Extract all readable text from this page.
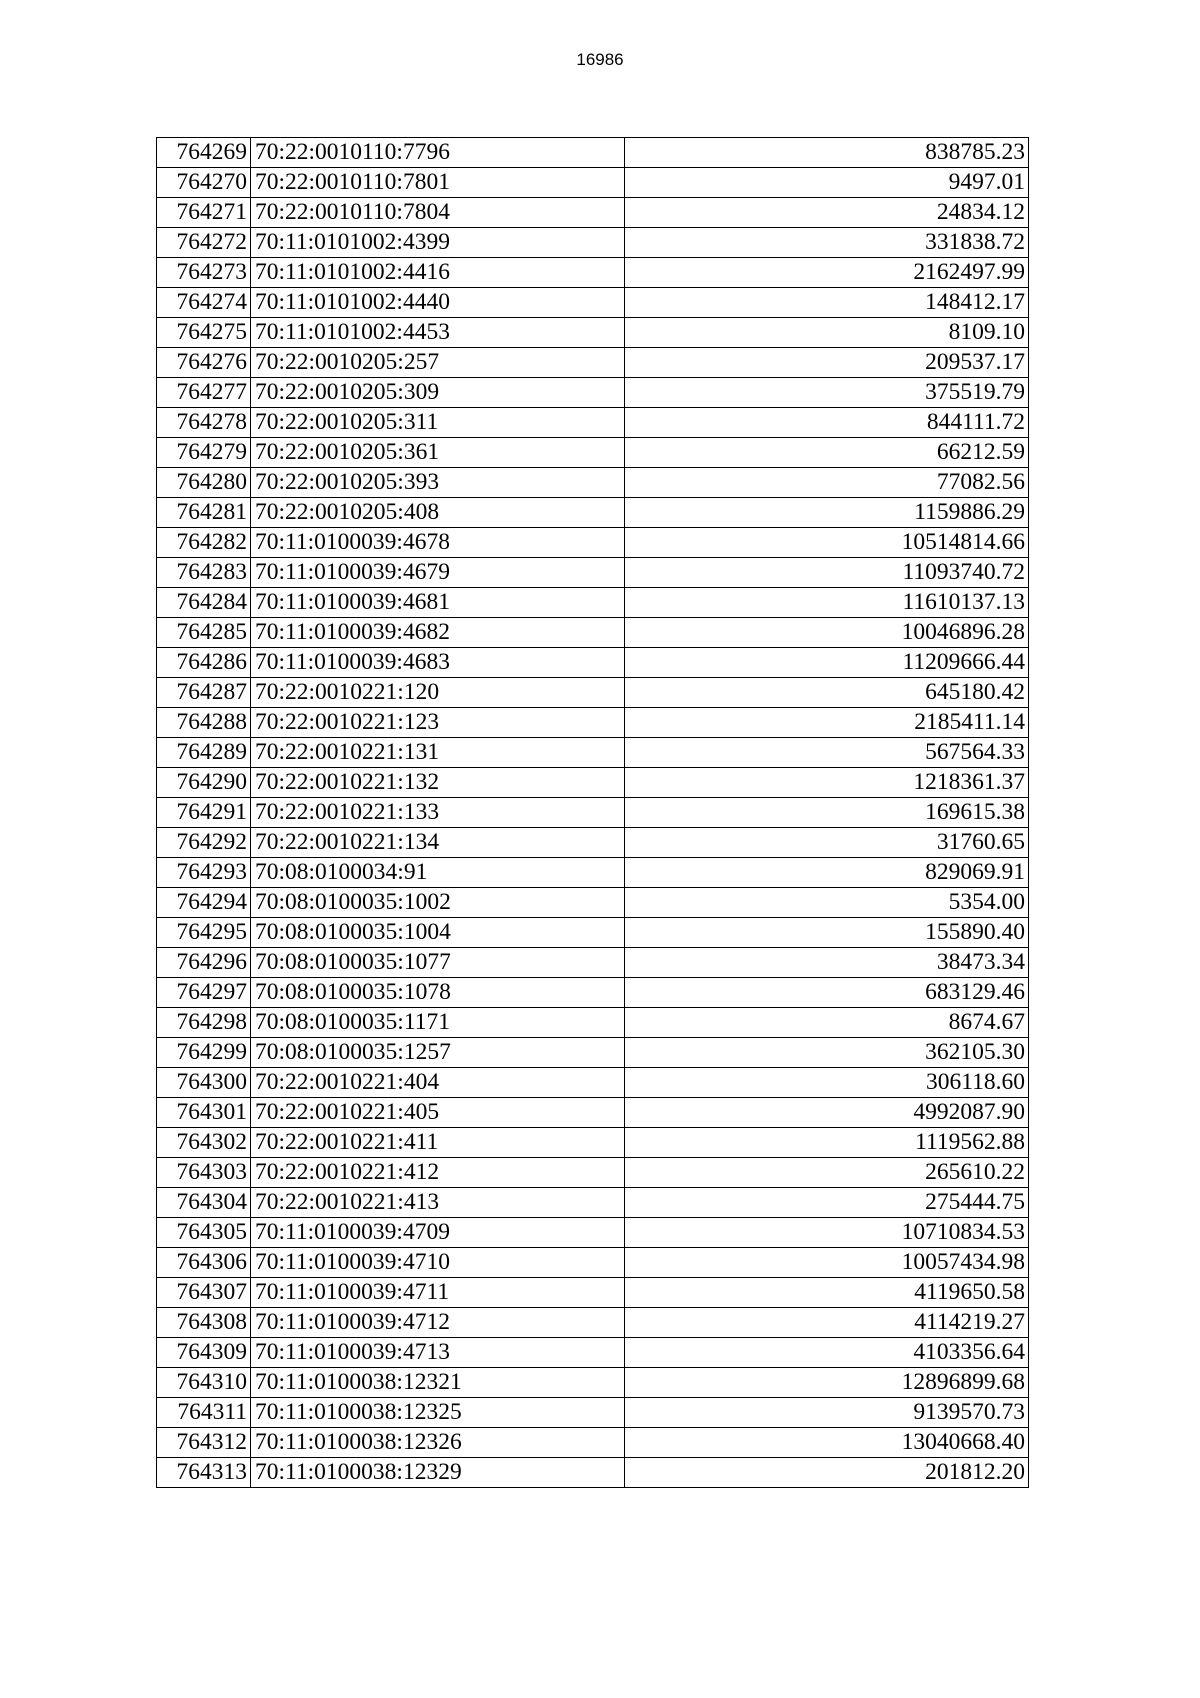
16986
764269	70:22:0010110:7796	838785.23
764270	70:22:0010110:7801	9497.01
764271	70:22:0010110:7804	24834.12
764272	70:11:0101002:4399	331838.72
764273	70:11:0101002:4416	2162497.99
764274	70:11:0101002:4440	148412.17
764275	70:11:0101002:4453	8109.10
764276	70:22:0010205:257	209537.17
764277	70:22:0010205:309	375519.79
764278	70:22:0010205:311	844111.72
764279	70:22:0010205:361	66212.59
764280	70:22:0010205:393	77082.56
764281	70:22:0010205:408	1159886.29
764282	70:11:0100039:4678	10514814.66
764283	70:11:0100039:4679	11093740.72
764284	70:11:0100039:4681	11610137.13
764285	70:11:0100039:4682	10046896.28
764286	70:11:0100039:4683	11209666.44
764287	70:22:0010221:120	645180.42
764288	70:22:0010221:123	2185411.14
764289	70:22:0010221:131	567564.33
764290	70:22:0010221:132	1218361.37
764291	70:22:0010221:133	169615.38
764292	70:22:0010221:134	31760.65
764293	70:08:0100034:91	829069.91
764294	70:08:0100035:1002	5354.00
764295	70:08:0100035:1004	155890.40
764296	70:08:0100035:1077	38473.34
764297	70:08:0100035:1078	683129.46
764298	70:08:0100035:1171	8674.67
764299	70:08:0100035:1257	362105.30
764300	70:22:0010221:404	306118.60
764301	70:22:0010221:405	4992087.90
764302	70:22:0010221:411	1119562.88
764303	70:22:0010221:412	265610.22
764304	70:22:0010221:413	275444.75
764305	70:11:0100039:4709	10710834.53
764306	70:11:0100039:4710	10057434.98
764307	70:11:0100039:4711	4119650.58
764308	70:11:0100039:4712	4114219.27
764309	70:11:0100039:4713	4103356.64
764310	70:11:0100038:12321	12896899.68
764311	70:11:0100038:12325	9139570.73
764312	70:11:0100038:12326	13040668.40
764313	70:11:0100038:12329	201812.20
